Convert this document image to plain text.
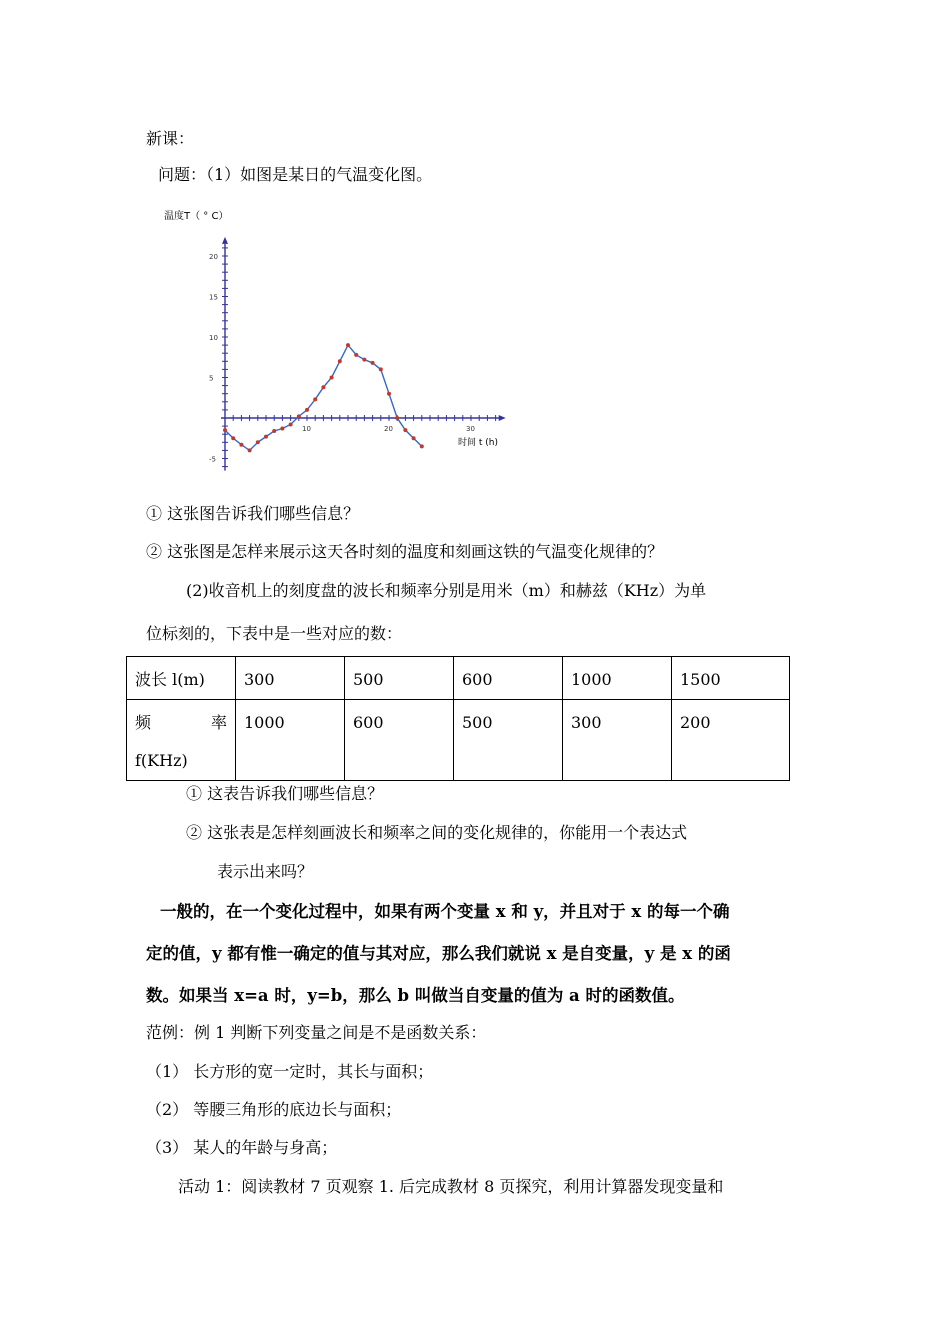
新课：
问题：（1）如图是某日的气温变化图。
温度T（ ° C）
10	20	30
20
15
10
5
-5
时间 t (h)
① 这张图告诉我们哪些信息？
② 这张图是怎样来展示这天各时刻的温度和刻画这铁的气温变化规律的？
(2)收音机上的刻度盘的波长和频率分别是用米（m）和赫兹（KHz）为单
位标刻的，下表中是一些对应的数：
波长 l(m)	300	500	600	1000	1500

频 率
f(KHz)	1000	600	500	300	200
① 这表告诉我们哪些信息？
② 这张表是怎样刻画波长和频率之间的变化规律的，你能用一个表达式
表示出来吗？
一般的，在一个变化过程中，如果有两个变量 x 和 y，并且对于 x 的每一个确
定的值，y 都有惟一确定的值与其对应，那么我们就说 x 是自变量，y 是 x 的函
数。如果当 x=a 时，y=b，那么 b 叫做当自变量的值为 a 时的函数值。
范例：例 1 判断下列变量之间是不是函数关系：
（1） 长方形的宽一定时，其长与面积；
（2） 等腰三角形的底边长与面积；
（3） 某人的年龄与身高；
活动 1：阅读教材 7 页观察 1. 后完成教材 8 页探究，利用计算器发现变量和
